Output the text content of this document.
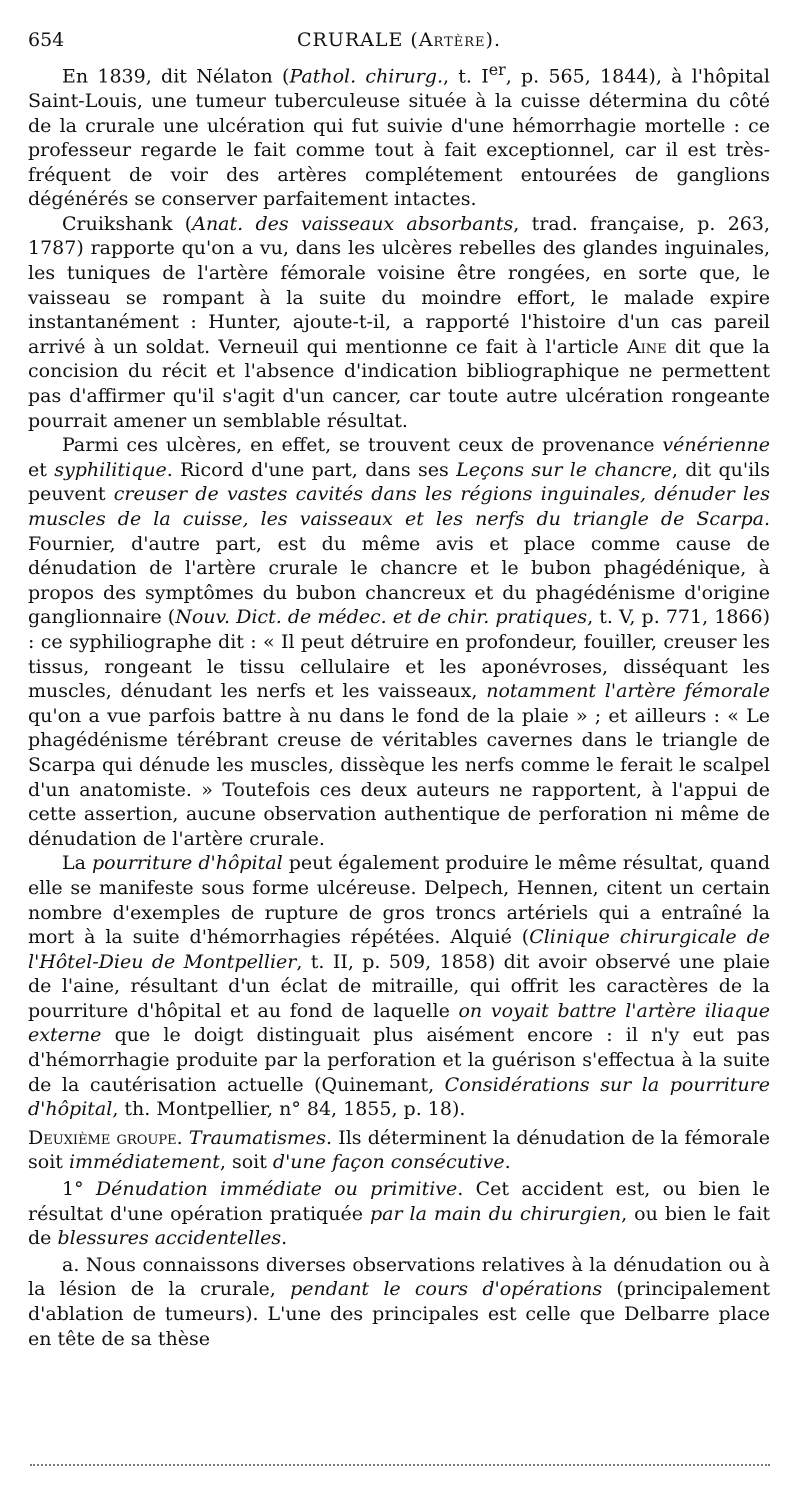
654	CRURALE (Artère).

En 1839, dit Nélaton (Pathol. chirurg., t. Ier, p. 565, 1844), à l'hôpital Saint-Louis, une tumeur tuberculeuse située à la cuisse détermina du côté de la crurale une ulcération qui fut suivie d'une hémorrhagie mortelle : ce professeur regarde le fait comme tout à fait exceptionnel, car il est très-fréquent de voir des artères complétement entourées de ganglions dégénérés se conserver parfaitement intactes.

Cruikshank (Anat. des vaisseaux absorbants, trad. française, p. 263, 1787) rapporte qu'on a vu, dans les ulcères rebelles des glandes inguinales, les tuniques de l'artère fémorale voisine être rongées, en sorte que, le vaisseau se rompant à la suite du moindre effort, le malade expire instantanément : Hunter, ajoute-t-il, a rapporté l'histoire d'un cas pareil arrivé à un soldat. Verneuil qui mentionne ce fait à l'article Aine dit que la concision du récit et l'absence d'indication bibliographique ne permettent pas d'affirmer qu'il s'agit d'un cancer, car toute autre ulcération rongeante pourrait amener un semblable résultat.

Parmi ces ulcères, en effet, se trouvent ceux de provenance vénérienne et syphilitique. Ricord d'une part, dans ses Leçons sur le chancre, dit qu'ils peuvent creuser de vastes cavités dans les régions inguinales, dénuder les muscles de la cuisse, les vaisseaux et les nerfs du triangle de Scarpa. Fournier, d'autre part, est du même avis et place comme cause de dénudation de l'artère crurale le chancre et le bubon phagédénique, à propos des symptômes du bubon chancreux et du phagédénisme d'origine ganglionnaire (Nouv. Dict. de médec. et de chir. pratiques, t. V, p. 771, 1866) : ce syphiliographe dit : « Il peut détruire en profondeur, fouiller, creuser les tissus, rongeant le tissu cellulaire et les aponévroses, disséquant les muscles, dénudant les nerfs et les vaisseaux, notamment l'artère fémorale qu'on a vue parfois battre à nu dans le fond de la plaie » ; et ailleurs : « Le phagédénisme térébrant creuse de véritables cavernes dans le triangle de Scarpa qui dénude les muscles, dissèque les nerfs comme le ferait le scalpel d'un anatomiste. » Toutefois ces deux auteurs ne rapportent, à l'appui de cette assertion, aucune observation authentique de perforation ni même de dénudation de l'artère crurale.

La pourriture d'hôpital peut également produire le même résultat, quand elle se manifeste sous forme ulcéreuse. Delpech, Hennen, citent un certain nombre d'exemples de rupture de gros troncs artériels qui a entraîné la mort à la suite d'hémorrhagies répétées. Alquié (Clinique chirurgicale de l'Hôtel-Dieu de Montpellier, t. II, p. 509, 1858) dit avoir observé une plaie de l'aine, résultant d'un éclat de mitraille, qui offrit les caractères de la pourriture d'hôpital et au fond de laquelle on voyait battre l'artère iliaque externe que le doigt distinguait plus aisément encore : il n'y eut pas d'hémorrhagie produite par la perforation et la guérison s'effectua à la suite de la cautérisation actuelle (Quinemant, Considérations sur la pourriture d'hôpital, th. Montpellier, n° 84, 1855, p. 18).

Deuxième groupe. Traumatismes. Ils déterminent la dénudation de la fémorale soit immédiatement, soit d'une façon consécutive.

1° Dénudation immédiate ou primitive. Cet accident est, ou bien le résultat d'une opération pratiquée par la main du chirurgien, ou bien le fait de blessures accidentelles.

a. Nous connaissons diverses observations relatives à la dénudation ou à la lésion de la crurale, pendant le cours d'opérations (principalement d'ablation de tumeurs). L'une des principales est celle que Delbarre place en tête de sa thèse
